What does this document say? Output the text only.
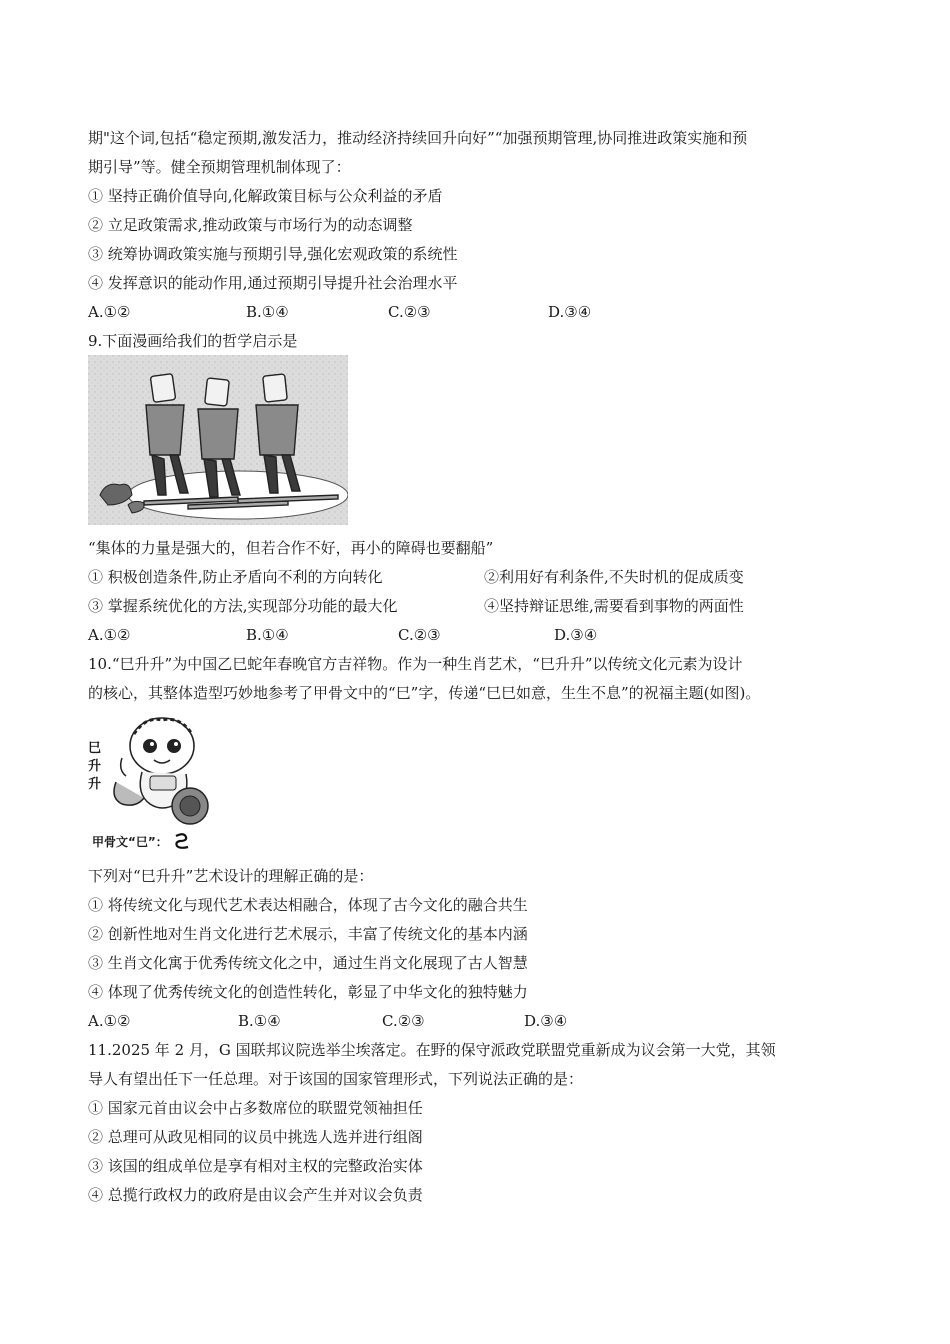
期"这个词,包括“稳定预期,激发活力，推动经济持续回升向好”“加强预期管理,协同推进政策实施和预
期引导”等。健全预期管理机制体现了：
① 坚持正确价值导向,化解政策目标与公众利益的矛盾
② 立足政策需求,推动政策与市场行为的动态调整
③ 统筹协调政策实施与预期引导,强化宏观政策的系统性
④ 发挥意识的能动作用,通过预期引导提升社会治理水平
A.①②	B.①④	C.②③	D.③④
9.下面漫画给我们的哲学启示是
“集体的力量是强大的，但若合作不好，再小的障碍也要翻船”
① 积极创造条件,防止矛盾向不利的方向转化	②利用好有利条件,不失时机的促成质变
③ 掌握系统优化的方法,实现部分功能的最大化	④坚持辩证思维,需要看到事物的两面性
A.①②	B.①④	C.②③	D.③④
10.“巳升升”为中国乙巳蛇年春晚官方吉祥物。作为一种生肖艺术，“巳升升”以传统文化元素为设计
的核心，其整体造型巧妙地参考了甲骨文中的“巳”字，传递“巳巳如意，生生不息”的祝福主题(如图)。
巳
升
升
甲骨文“巳”：
下列对“巳升升”艺术设计的理解正确的是：
① 将传统文化与现代艺术表达相融合，体现了古今文化的融合共生
② 创新性地对生肖文化进行艺术展示，丰富了传统文化的基本内涵
③ 生肖文化寓于优秀传统文化之中，通过生肖文化展现了古人智慧
④ 体现了优秀传统文化的创造性转化，彰显了中华文化的独特魅力
A.①②	B.①④	C.②③	D.③④
11.2025 年 2 月，G 国联邦议院选举尘埃落定。在野的保守派政党联盟党重新成为议会第一大党，其领
导人有望出任下一任总理。对于该国的国家管理形式，下列说法正确的是：
① 国家元首由议会中占多数席位的联盟党领袖担任
② 总理可从政见相同的议员中挑选人选并进行组阁
③ 该国的组成单位是享有相对主权的完整政治实体
④ 总揽行政权力的政府是由议会产生并对议会负责
